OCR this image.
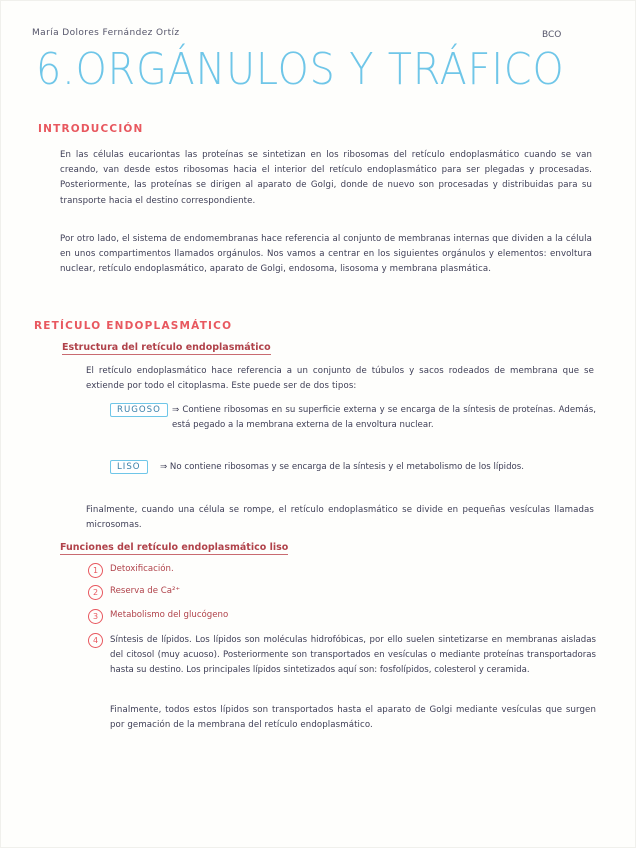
María Dolores Fernández Ortíz	BCO
6.ORGÁNULOS Y TRÁFICO
INTRODUCCIÓN

En las células eucariontas las proteínas se sintetizan en los ribosomas del retículo endoplasmático cuando se van creando, van desde estos ribosomas hacia el interior del retículo endoplasmático para ser plegadas y procesadas. Posteriormente, las proteínas se dirigen al aparato de Golgi, donde de nuevo son procesadas y distribuidas para su transporte hacia el destino correspondiente.

Por otro lado, el sistema de endomembranas hace referencia al conjunto de membranas internas que dividen a la célula en unos compartimentos llamados orgánulos. Nos vamos a centrar en los siguientes orgánulos y elementos: envoltura nuclear, retículo endoplasmático, aparato de Golgi, endosoma, lisosoma y membrana plasmática.

RETÍCULO ENDOPLASMÁTICO
Estructura del retículo endoplasmático

El retículo endoplasmático hace referencia a un conjunto de túbulos y sacos rodeados de membrana que se extiende por todo el citoplasma. Este puede ser de dos tipos:

RUGOSO	⇒ Contiene ribosomas en su superficie externa y se encarga de la síntesis de proteínas. Además, está pegado a la membrana externa de la envoltura nuclear.

LISO	⇒ No contiene ribosomas y se encarga de la síntesis y el metabolismo de los lípidos.

Finalmente, cuando una célula se rompe, el retículo endoplasmático se divide en pequeñas vesículas llamadas microsomas.

Funciones del retículo endoplasmático liso
1	Detoxificación.
2	Reserva de Ca²⁺
3	Metabolismo del glucógeno
4	Síntesis de lípidos. Los lípidos son moléculas hidrofóbicas, por ello suelen sintetizarse en membranas aisladas del citosol (muy acuoso). Posteriormente son transportados en vesículas o mediante proteínas transportadoras hasta su destino. Los principales lípidos sintetizados aquí son: fosfolípidos, colesterol y ceramida.

Finalmente, todos estos lípidos son transportados hasta el aparato de Golgi mediante vesículas que surgen por gemación de la membrana del retículo endoplasmático.
